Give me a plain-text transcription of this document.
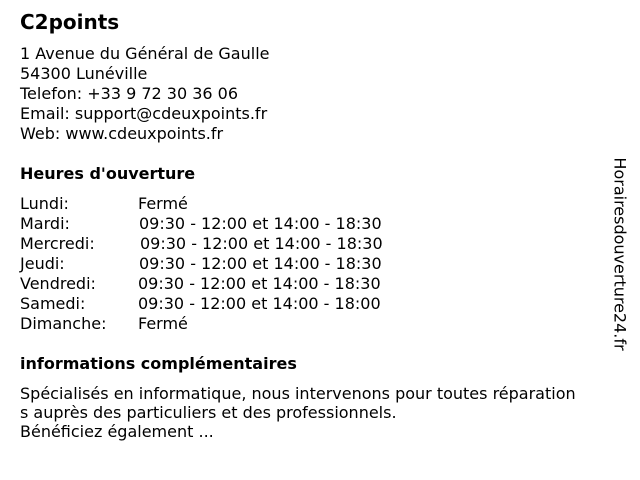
C2points
1 Avenue du Général de Gaulle
54300 Lunéville
Telefon: +33 9 72 30 36 06
Email: support@cdeuxpoints.fr
Web: www.cdeuxpoints.fr
Heures d'ouverture
Lundi:	Fermé
Mardi:	09:30 - 12:00 et 14:00 - 18:30
Mercredi:	09:30 - 12:00 et 14:00 - 18:30
Jeudi:	09:30 - 12:00 et 14:00 - 18:30
Vendredi:	09:30 - 12:00 et 14:00 - 18:30
Samedi:	09:30 - 12:00 et 14:00 - 18:00
Dimanche: Fermé
informations complémentaires
Spécialisés en informatique, nous intervenons pour toutes réparation
s auprès des particuliers et des professionnels.
Bénéficiez également ...
Horairesdouverture24.fr
